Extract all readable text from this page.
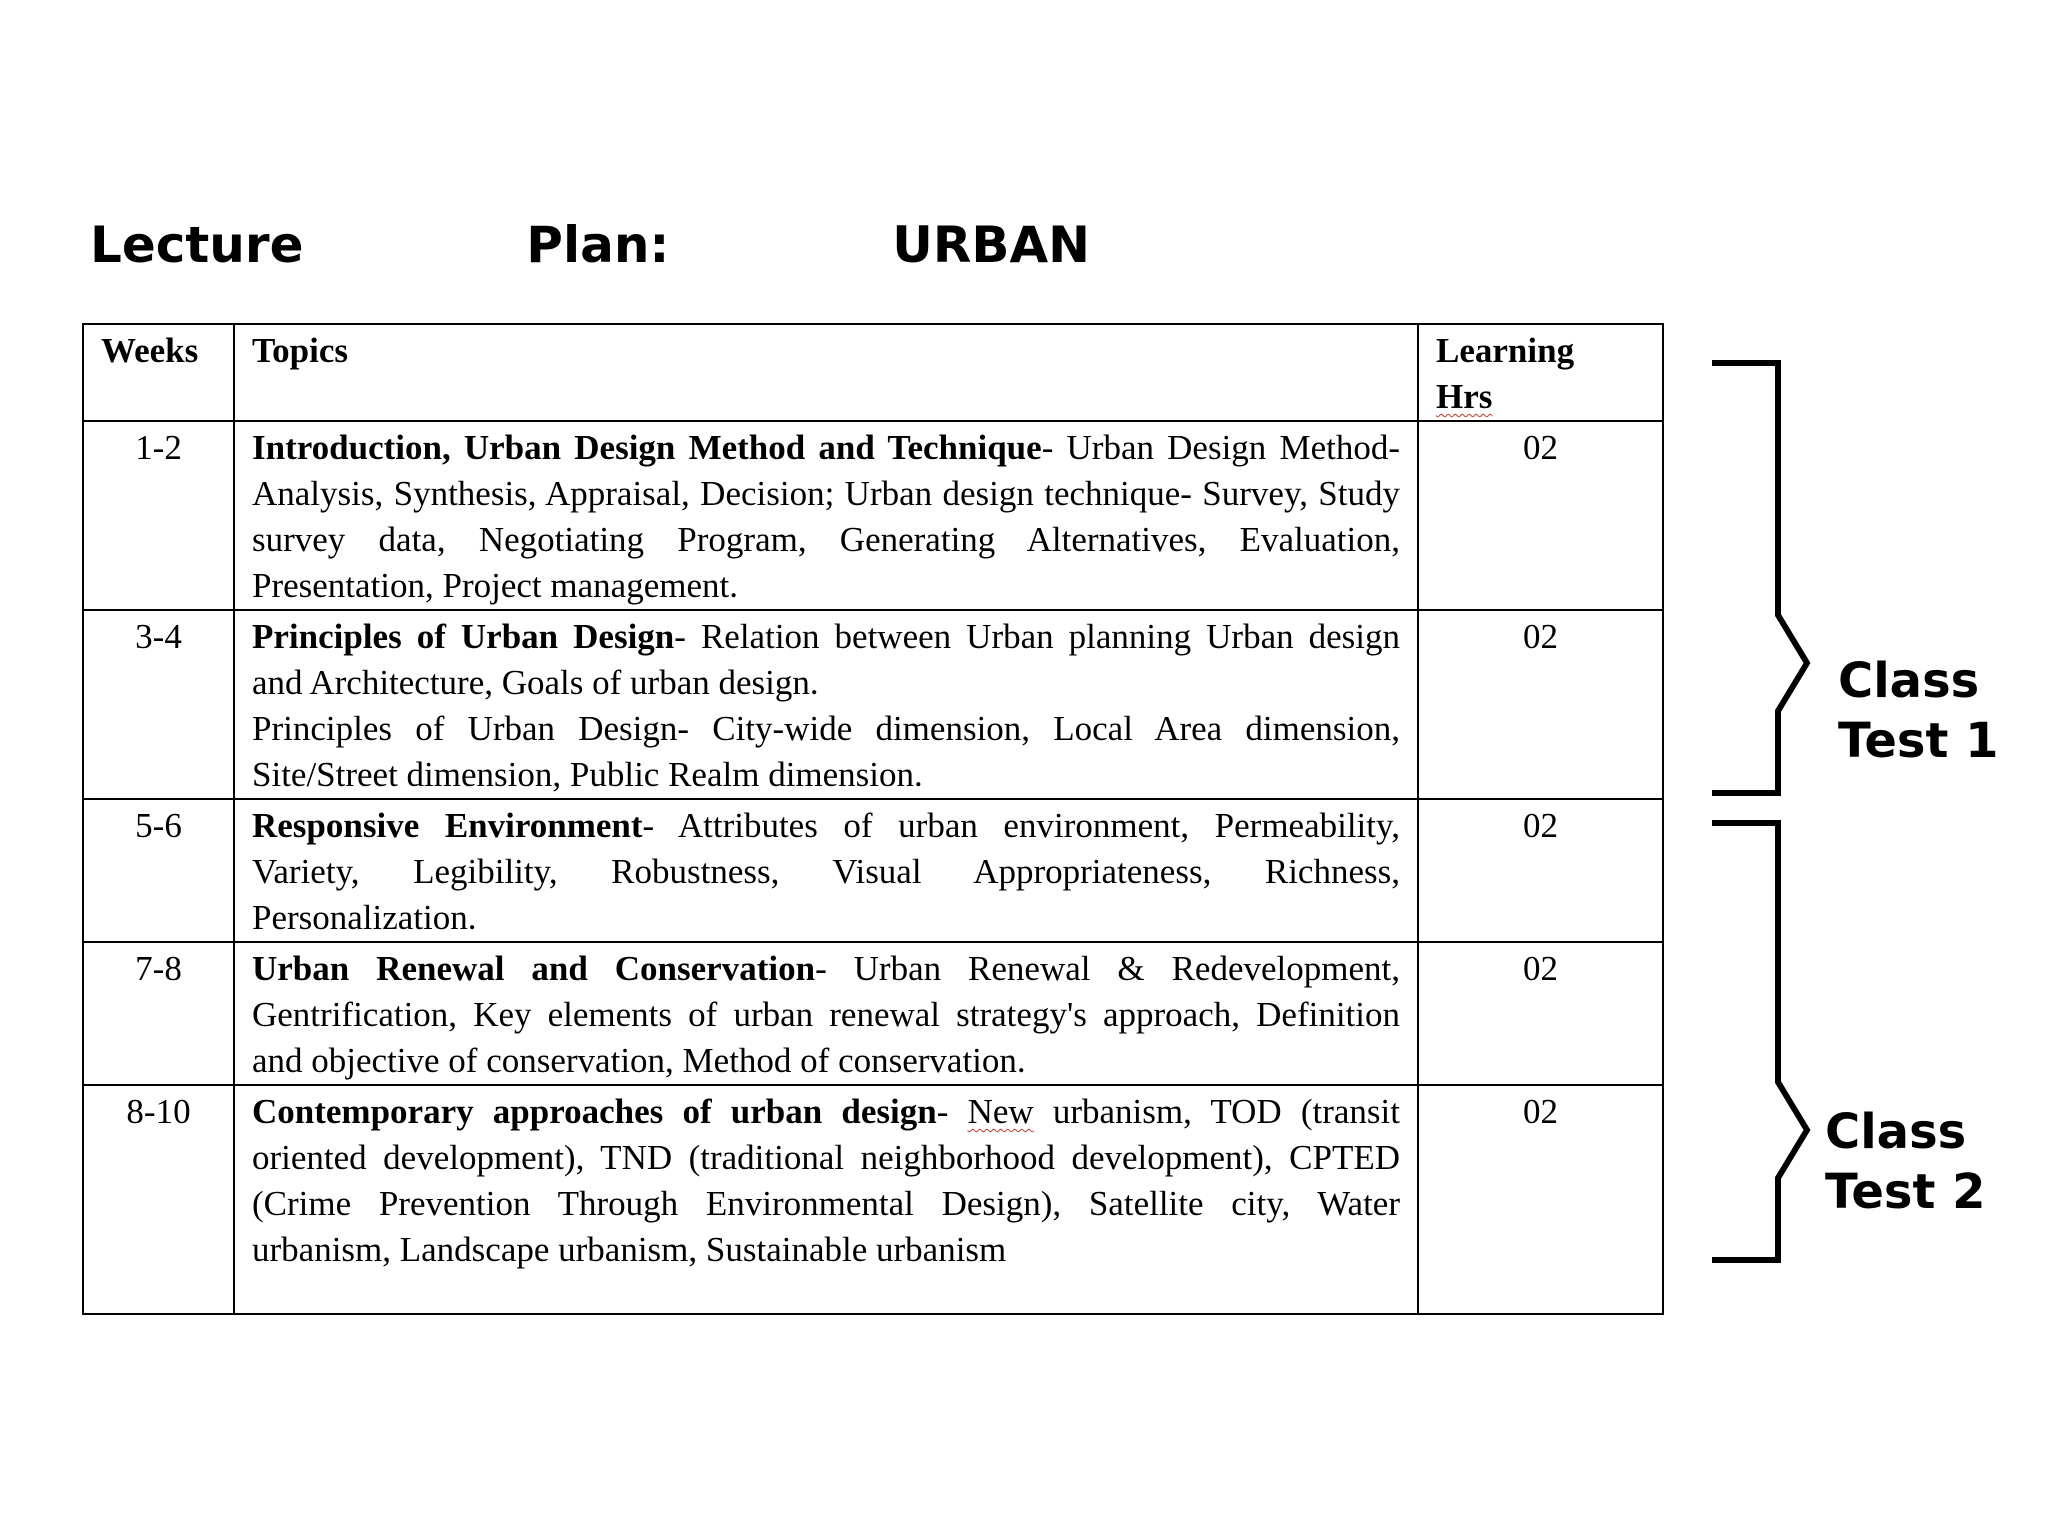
Lecture	Plan:	URBAN
Weeks	Topics	Learning
Hrs
1-2	Introduction, Urban Design Method and Technique- Urban Design Method- Analysis, Synthesis, Appraisal, Decision; Urban design technique- Survey, Study survey data, Negotiating Program, Generating Alternatives, Evaluation, Presentation, Project management.	02
3-4	Principles of Urban Design- Relation between Urban planning Urban design and Architecture, Goals of urban design.
Principles of Urban Design- City-wide dimension, Local Area dimension, Site/Street dimension, Public Realm dimension.	02
5-6	Responsive Environment- Attributes of urban environment, Permeability, Variety, Legibility, Robustness, Visual Appropriateness, Richness, Personalization.	02
7-8	Urban Renewal and Conservation- Urban Renewal & Redevelopment, Gentrification, Key elements of urban renewal strategy's approach, Definition and objective of conservation, Method of conservation.	02
8-10	Contemporary approaches of urban design- New urbanism, TOD (transit oriented development), TND (traditional neighborhood development), CPTED (Crime Prevention Through Environmental Design), Satellite city, Water urbanism, Landscape urbanism, Sustainable urbanism	02
Class
Test 1
Class
Test 2
